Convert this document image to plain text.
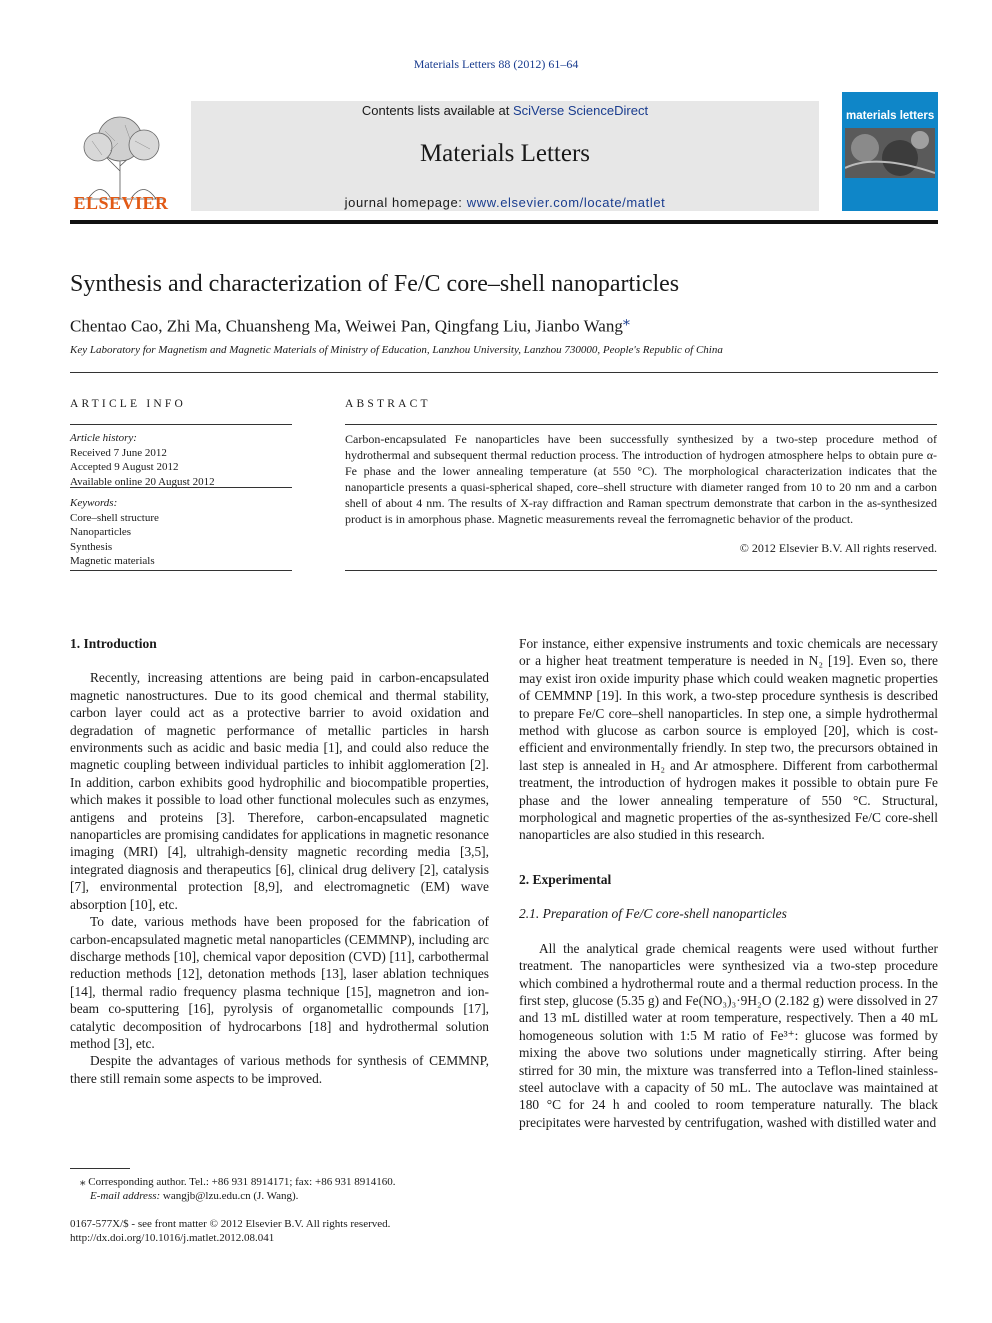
Materials Letters 88 (2012) 61–64
ELSEVIER
Contents lists available at SciVerse ScienceDirect
Materials Letters
journal homepage: www.elsevier.com/locate/matlet
materials letters
Synthesis and characterization of Fe/C core–shell nanoparticles
Chentao Cao, Zhi Ma, Chuansheng Ma, Weiwei Pan, Qingfang Liu, Jianbo Wang⁎
Key Laboratory for Magnetism and Magnetic Materials of Ministry of Education, Lanzhou University, Lanzhou 730000, People's Republic of China
ARTICLE INFO
Article history:
Received 7 June 2012
Accepted 9 August 2012
Available online 20 August 2012
Keywords:
Core–shell structure
Nanoparticles
Synthesis
Magnetic materials
ABSTRACT
Carbon-encapsulated Fe nanoparticles have been successfully synthesized by a two-step procedure method of hydrothermal and subsequent thermal reduction process. The introduction of hydrogen atmosphere helps to obtain pure α-Fe phase and the lower annealing temperature (at 550 °C). The morphological characterization indicates that the nanoparticle presents a quasi-spherical shaped, core–shell structure with diameter ranged from 10 to 20 nm and a carbon shell of about 4 nm. The results of X-ray diffraction and Raman spectrum demonstrate that carbon in the as-synthesized product is in amorphous phase. Magnetic measurements reveal the ferromagnetic behavior of the product.
© 2012 Elsevier B.V. All rights reserved.

1. Introduction

Recently, increasing attentions are being paid in carbon-encapsulated magnetic nanostructures. Due to its good chemical and thermal stability, carbon layer could act as a protective barrier to avoid oxidation and degradation of magnetic performance of metallic particles in harsh environments such as acidic and basic media [1], and could also reduce the magnetic coupling between individual particles to inhibit agglomeration [2]. In addition, carbon exhibits good hydrophilic and biocompatible properties, which makes it possible to load other functional molecules such as enzymes, antigens and proteins [3]. Therefore, carbon-encapsulated magnetic nanoparticles are promising candidates for applications in magnetic resonance imaging (MRI) [4], ultrahigh-density magnetic recording media [3,5], integrated diagnosis and therapeutics [6], clinical drug delivery [2], catalysis [7], environmental protection [8,9], and electromagnetic (EM) wave absorption [10], etc.

To date, various methods have been proposed for the fabrication of carbon-encapsulated magnetic metal nanoparticles (CEMMNP), including arc discharge methods [10], chemical vapor deposition (CVD) [11], carbothermal reduction methods [12], detonation methods [13], laser ablation techniques [14], thermal radio frequency plasma technique [15], magnetron and ion-beam co-sputtering [16], pyrolysis of organometallic compounds [17], catalytic decomposition of hydrocarbons [18] and hydrothermal solution method [3], etc.

Despite the advantages of various methods for synthesis of CEMMNP, there still remain some aspects to be improved.

For instance, either expensive instruments and toxic chemicals are necessary or a higher heat treatment temperature is needed in N₂ [19]. Even so, there may exist iron oxide impurity phase which could weaken magnetic properties of CEMMNP [19]. In this work, a two-step procedure synthesis is described to prepare Fe/C core–shell nanoparticles. In step one, a simple hydrothermal method with glucose as carbon source is employed [20], which is cost-efficient and environmentally friendly. In step two, the precursors obtained in last step is annealed in H₂ and Ar atmosphere. Different from carbothermal treatment, the introduction of hydrogen makes it possible to obtain pure Fe phase and the lower annealing temperature of 550 °C. Structural, morphological and magnetic properties of the as-synthesized Fe/C core-shell nanoparticles are also studied in this research.

2. Experimental

2.1. Preparation of Fe/C core-shell nanoparticles

All the analytical grade chemical reagents were used without further treatment. The nanoparticles were synthesized via a two-step procedure which combined a hydrothermal route and a thermal reduction process. In the first step, glucose (5.35 g) and Fe(NO₃)₃·9H₂O (2.182 g) were dissolved in 27 and 13 mL distilled water at room temperature, respectively. Then a 40 mL homogeneous solution with 1:5 M ratio of Fe³⁺: glucose was formed by mixing the above two solutions under magnetically stirring. After being stirred for 30 min, the mixture was transferred into a Teflon-lined stainless-steel autoclave with a capacity of 50 mL. The autoclave was maintained at 180 °C for 24 h and cooled to room temperature naturally. The black precipitates were harvested by centrifugation, washed with distilled water and

⁎ Corresponding author. Tel.: +86 931 8914171; fax: +86 931 8914160.
E-mail address: wangjb@lzu.edu.cn (J. Wang).
0167-577X/$ - see front matter © 2012 Elsevier B.V. All rights reserved.
http://dx.doi.org/10.1016/j.matlet.2012.08.041
